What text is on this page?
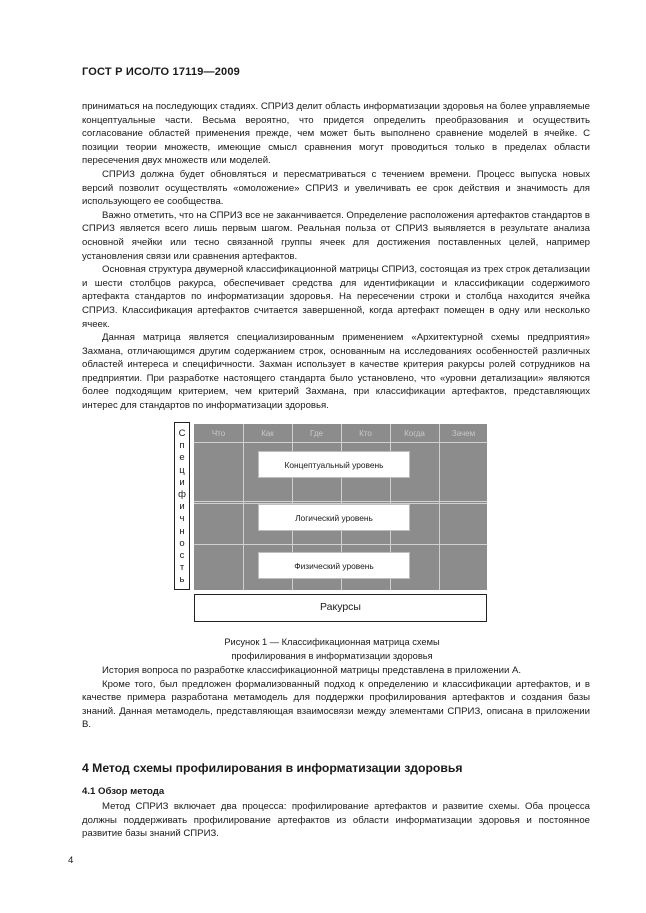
ГОСТ Р ИСО/ТО 17119—2009

приниматься на последующих стадиях. СПРИЗ делит область информатизации здоровья на более управляемые концептуальные части. Весьма вероятно, что придется определить преобразования и осуществить согласование областей применения прежде, чем может быть выполнено сравнение моделей в ячейке. С позиции теории множеств, имеющие смысл сравнения могут проводиться только в пределах области пересечения двух множеств или моделей.

СПРИЗ должна будет обновляться и пересматриваться с течением времени. Процесс выпуска новых версий позволит осуществлять «омоложение» СПРИЗ и увеличивать ее срок действия и значимость для использующего ее сообщества.

Важно отметить, что на СПРИЗ все не заканчивается. Определение расположения артефактов стандартов в СПРИЗ является всего лишь первым шагом. Реальная польза от СПРИЗ выявляется в результате анализа основной ячейки или тесно связанной группы ячеек для достижения поставленных целей, например установления связи или сравнения артефактов.

Основная структура двумерной классификационной матрицы СПРИЗ, состоящая из трех строк детализации и шести столбцов ракурса, обеспечивает средства для идентификации и классификации содержимого артефакта стандартов по информатизации здоровья. На пересечении строки и столбца находится ячейка СПРИЗ. Классификация артефактов считается завершенной, когда артефакт помещен в одну или несколько ячеек.

Данная матрица является специализированным применением «Архитектурной схемы предприятия» Захмана, отличающимся другим содержанием строк, основанным на исследованиях особенностей различных областей интереса и специфичности. Захман использует в качестве критерия ракурсы ролей сотрудников на предприятии. При разработке настоящего стандарта было установлено, что «уровни детализации» являются более подходящим критерием, чем критерий Захмана, при классификации артефактов, представляющих интерес для стандартов по информатизации здоровья.

С
п
е
ц
и
ф
и
ч
н
о
с
т
ь
Что	Как	Где	Кто	Когда	Зачем
Концептуальный уровень
Логический уровень
Физический уровень
Ракурсы
Рисунок 1 — Классификационная матрица схемы
профилирования в информатизации здоровья

История вопроса по разработке классификационной матрицы представлена в приложении А.

Кроме того, был предложен формализованный подход к определению и классификации артефактов, и в качестве примера разработана метамодель для поддержки профилирования артефактов и создания базы знаний. Данная метамодель, представляющая взаимосвязи между элементами СПРИЗ, описана в приложении В.

4 Метод схемы профилирования в информатизации здоровья
4.1 Обзор метода

Метод СПРИЗ включает два процесса: профилирование артефактов и развитие схемы. Оба процесса должны поддерживать профилирование артефактов из области информатизации здоровья и постоянное развитие базы знаний СПРИЗ.

4
